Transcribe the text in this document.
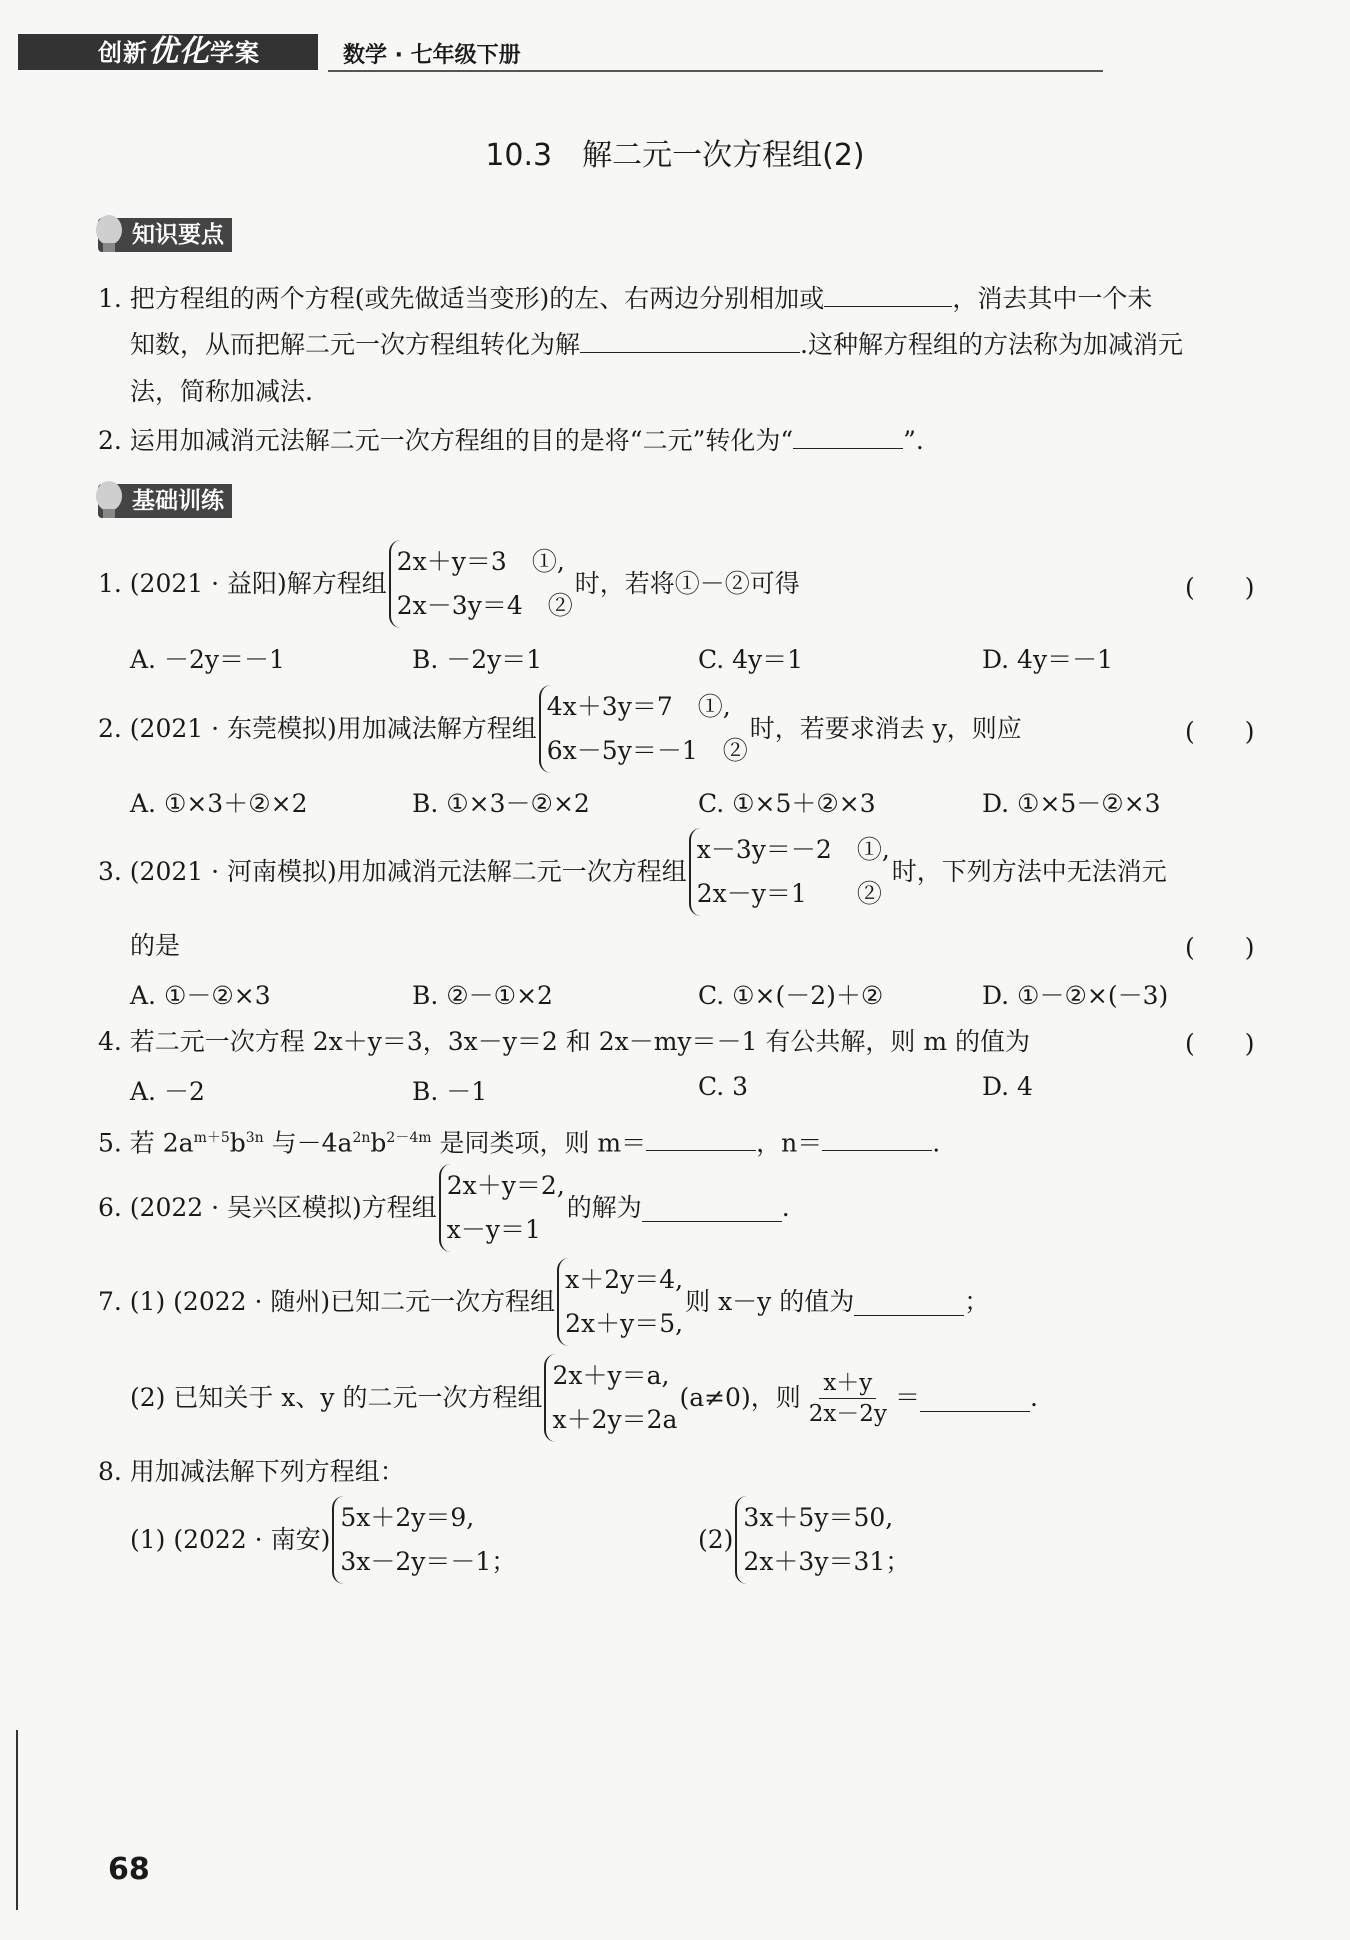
创新优化学案	数学 · 七年级下册
10.3　解二元一次方程组(2)
知识要点
1. 把方程组的两个方程(或先做适当变形)的左、右两边分别相加或	，消去其中一个未
知数，从而把解二元一次方程组转化为解	.这种解方程组的方法称为加减消元
法，简称加减法.
2. 运用加减消元法解二元一次方程组的目的是将“二元”转化为“	”.
基础训练
1. (2021 · 益阳)解方程组
2x＋y＝3　①,
2x－3y＝4　②
时，若将①－②可得	(　　)
A. －2y＝－1	B. －2y＝1	C. 4y＝1	D. 4y＝－1
2. (2021 · 东莞模拟)用加减法解方程组
4x＋3y＝7　①,
6x－5y＝－1　②
时，若要求消去 y，则应	(　　)
A. ①×3＋②×2	B. ①×3－②×2	C. ①×5＋②×3	D. ①×5－②×3
3. (2021 · 河南模拟)用加减消元法解二元一次方程组
x－3y＝－2　①,
2x－y＝1　　②
时，下列方法中无法消元
的是	(　　)
A. ①－②×3	B. ②－①×2	C. ①×(－2)＋②	D. ①－②×(－3)
4. 若二元一次方程 2x＋y＝3，3x－y＝2 和 2x－my＝－1 有公共解，则 m 的值为	(　　)
A. －2	B. －1	C. 3	D. 4
5. 若 $2a^{m+5}b^{3n}$ 与$-4a^{2n}b^{2-4m}$ 是同类项，则 m＝	，n＝	.
6. (2022 · 吴兴区模拟)方程组
2x＋y＝2,
x－y＝1
的解为	.
7. (1) (2022 · 随州)已知二元一次方程组
x＋2y＝4,
2x＋y＝5,
则 x－y 的值为	；
(2) 已知关于 x、y 的二元一次方程组
2x＋y＝a,
x＋2y＝2a
(a≠0)，则 $\frac{x+y}{2x-2y}$ ＝	.
8. 用加减法解下列方程组：
(1) (2022 · 南安)
5x＋2y＝9,
3x－2y＝－1；
(2)
3x＋5y＝50,
2x＋3y＝31；
68
